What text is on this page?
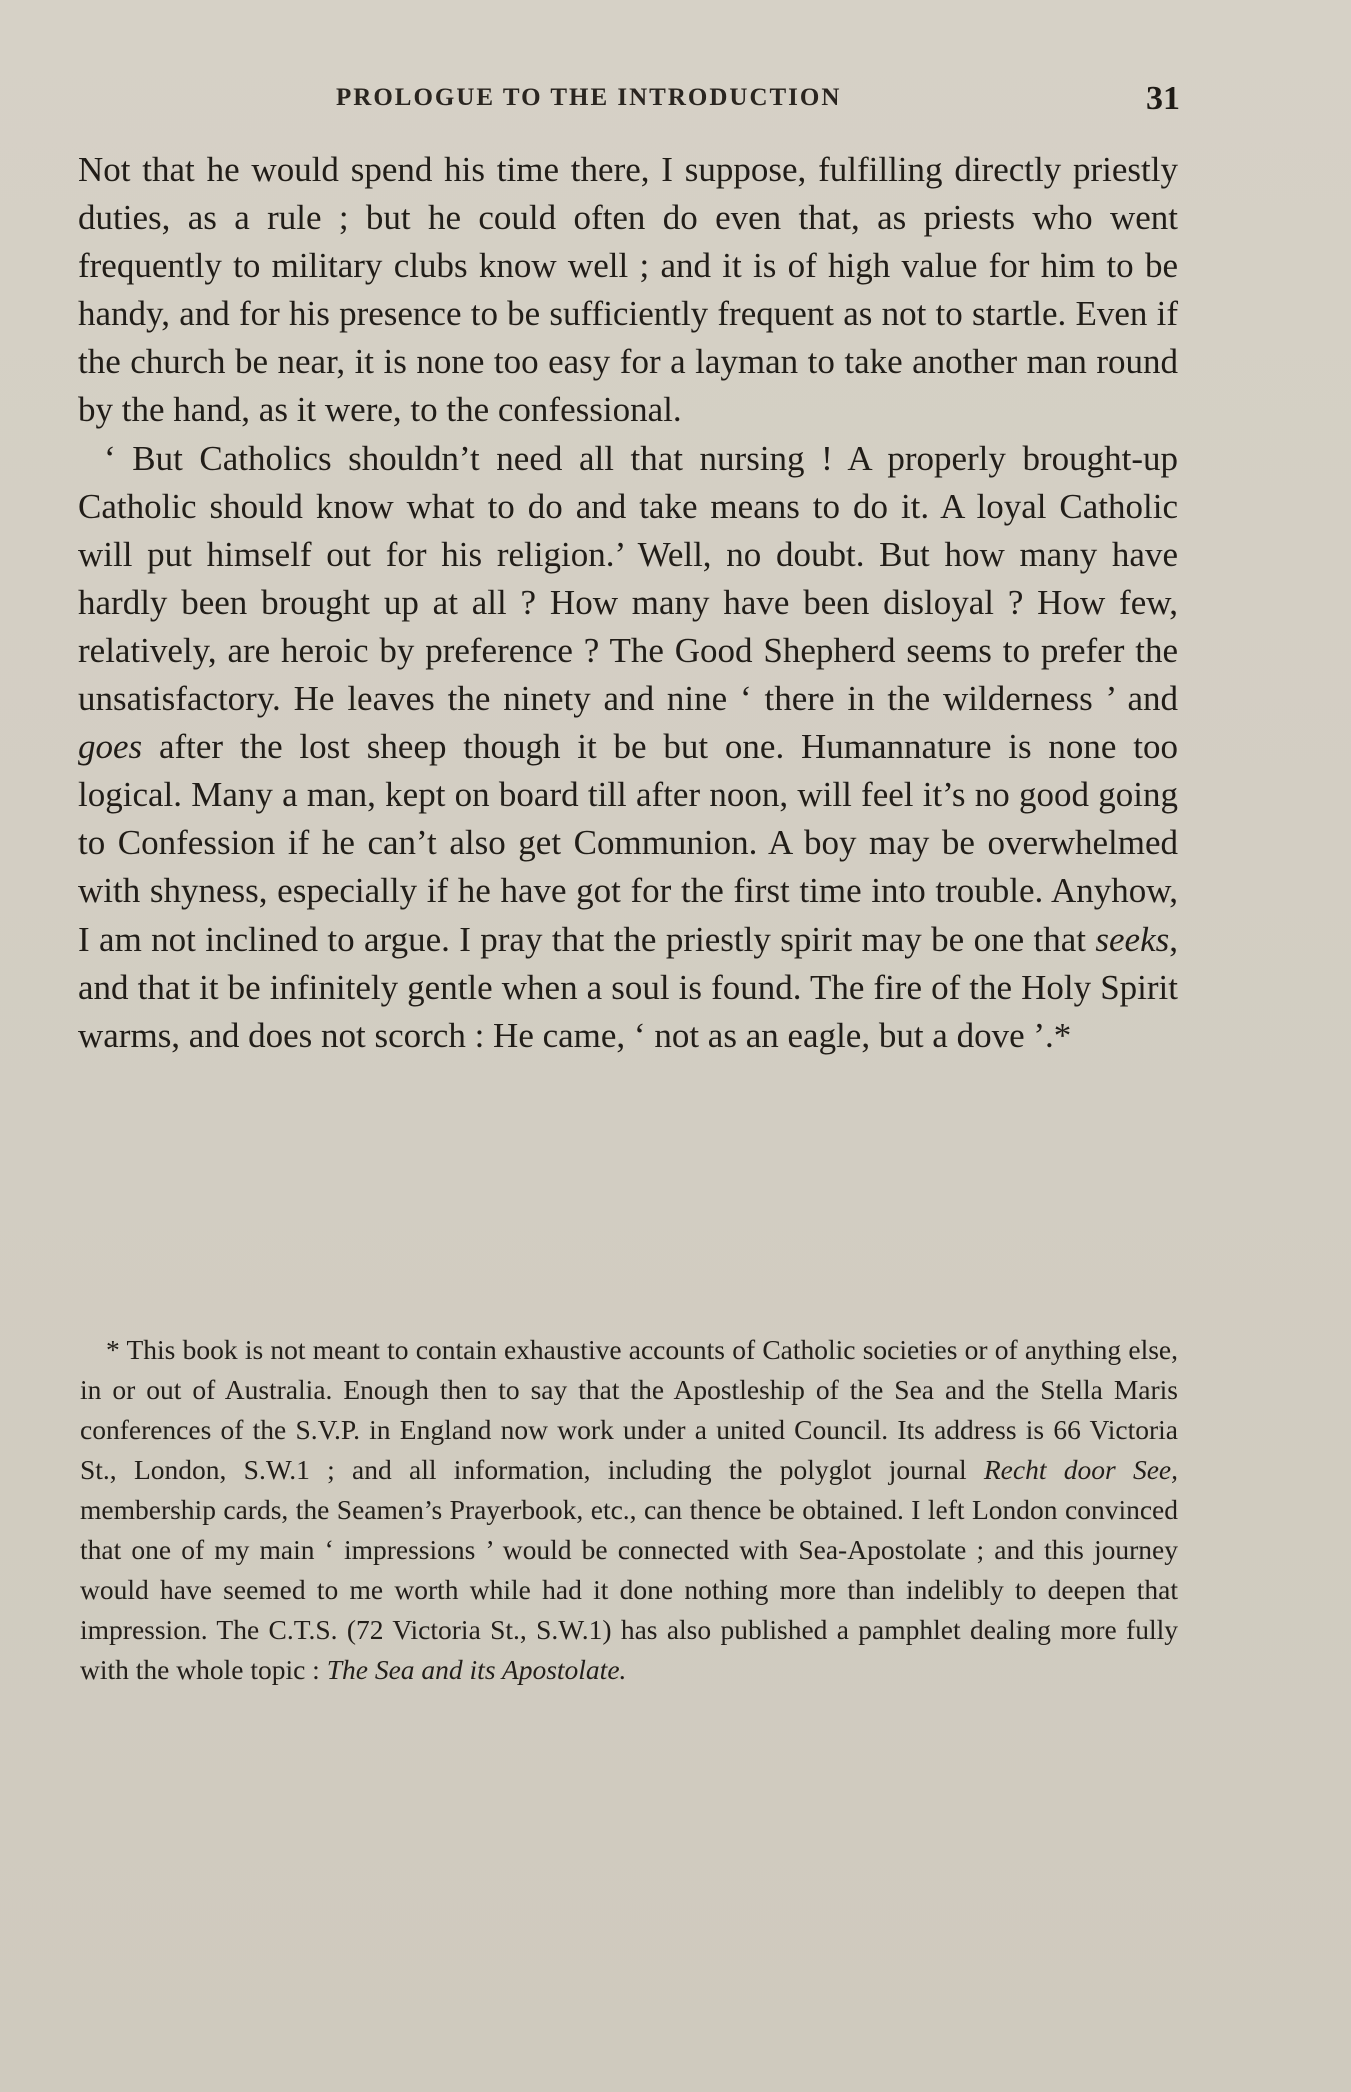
PROLOGUE TO THE INTRODUCTION	31

Not that he would spend his time there, I suppose, fulfilling directly priestly duties, as a rule ; but he could often do even that, as priests who went frequently to military clubs know well ; and it is of high value for him to be handy, and for his presence to be sufficiently frequent as not to startle. Even if the church be near, it is none too easy for a layman to take another man round by the hand, as it were, to the confessional.

‘ But Catholics shouldn’t need all that nursing ! A properly brought-up Catholic should know what to do and take means to do it. A loyal Catholic will put himself out for his religion.’ Well, no doubt. But how many have hardly been brought up at all ? How many have been disloyal ? How few, relatively, are heroic by preference ? The Good Shepherd seems to prefer the unsatisfactory. He leaves the ninety and nine ‘ there in the wilderness ’ and goes after the lost sheep though it be but one. Humannature is none too logical. Many a man, kept on board till after noon, will feel it’s no good going to Confession if he can’t also get Communion. A boy may be overwhelmed with shyness, especially if he have got for the first time into trouble. Anyhow, I am not inclined to argue. I pray that the priestly spirit may be one that seeks, and that it be infinitely gentle when a soul is found. The fire of the Holy Spirit warms, and does not scorch : He came, ‘ not as an eagle, but a dove ’.*

* This book is not meant to contain exhaustive accounts of Catholic societies or of anything else, in or out of Australia. Enough then to say that the Apostleship of the Sea and the Stella Maris conferences of the S.V.P. in England now work under a united Council. Its address is 66 Victoria St., London, S.W.1 ; and all information, including the polyglot journal Recht door See, membership cards, the Seamen’s Prayerbook, etc., can thence be obtained. I left London convinced that one of my main ‘ impressions ’ would be connected with Sea-Apostolate ; and this journey would have seemed to me worth while had it done nothing more than indelibly to deepen that impression. The C.T.S. (72 Victoria St., S.W.1) has also published a pamphlet dealing more fully with the whole topic : The Sea and its Apostolate.
